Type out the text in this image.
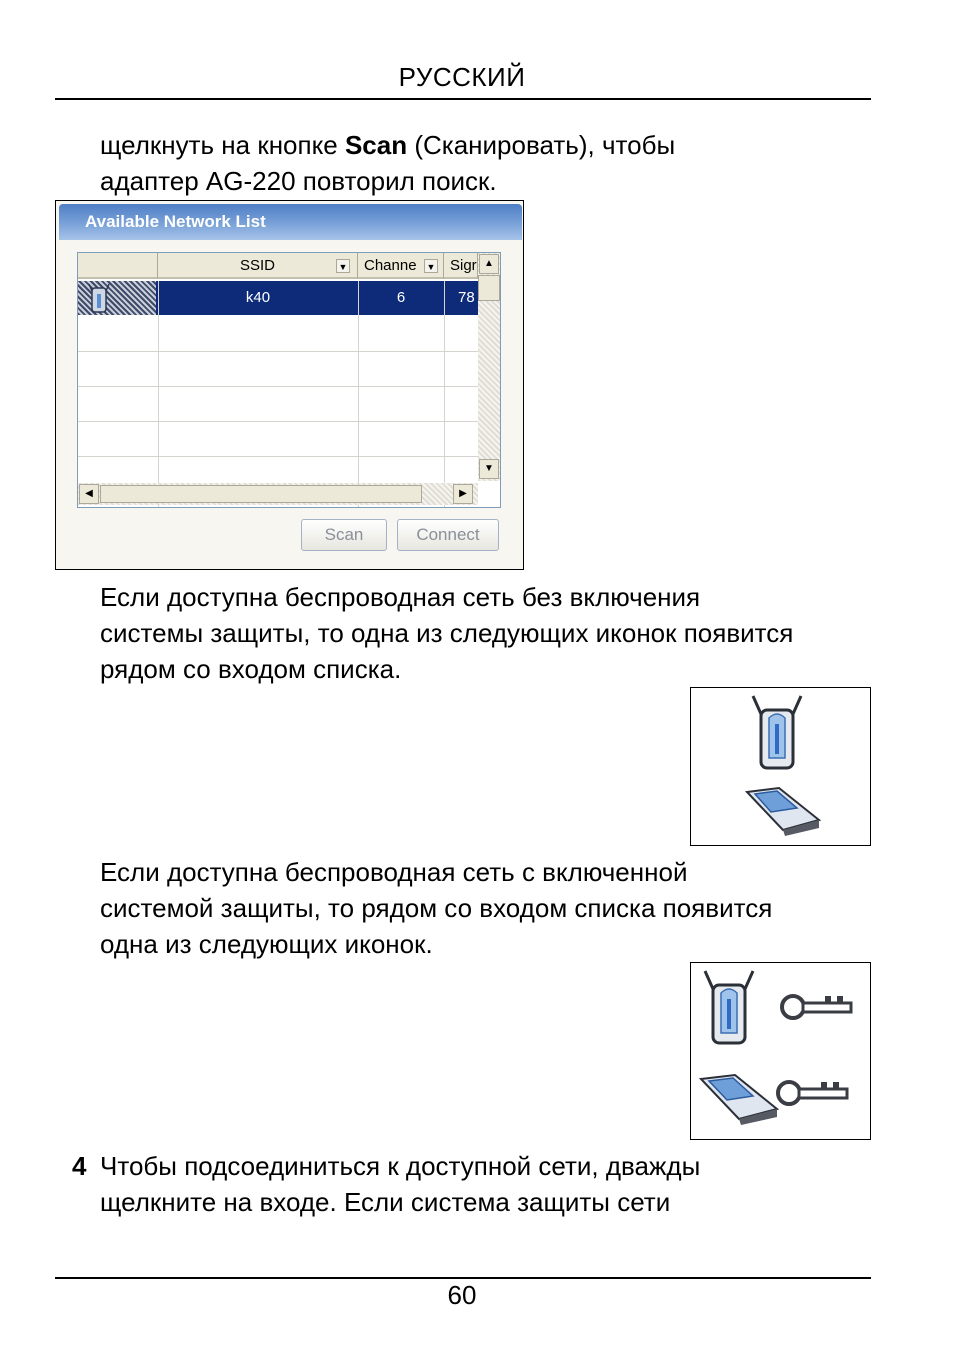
РУССКИЙ
щелкнуть на кнопке Scan (Сканировать), чтобы
адаптер AG-220 повторил поиск.
Available Network List
SSID	▼	Channe ▼ Sigr
k40	6	78
▲
▼
◀	▶
Scan	Connect
Если доступна беспроводная сеть без включения
системы защиты, то одна из следующих иконок появится
рядом со входом списка.
Если доступна беспроводная сеть с включенной
системой защиты, то рядом со входом списка появится
одна из следующих иконок.
4 Чтобы подсоединиться к доступной сети, дважды
щелкните на входе. Если система защиты сети
60
